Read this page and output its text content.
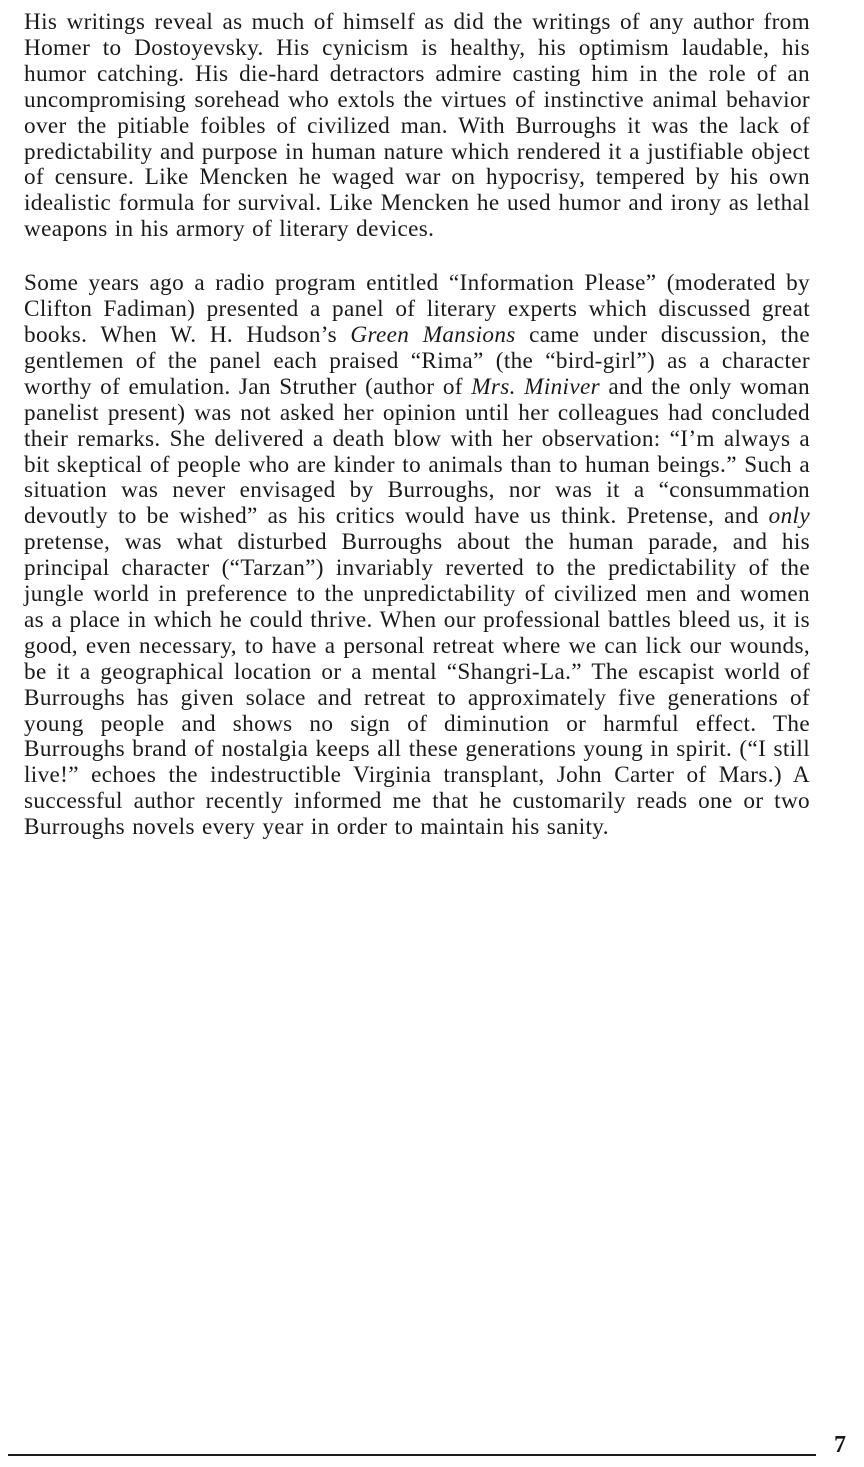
His writings reveal as much of himself as did the writings of any author from Homer to Dostoyevsky. His cynicism is healthy, his optimism laudable, his humor catching. His die-hard detractors admire casting him in the role of an uncompromising sorehead who extols the virtues of instinctive animal behavior over the pitiable foibles of civilized man. With Burroughs it was the lack of predictability and purpose in human nature which rendered it a justifiable object of censure. Like Mencken he waged war on hypocrisy, tempered by his own idealistic formula for survival. Like Mencken he used humor and irony as lethal weapons in his armory of literary devices.

Some years ago a radio program entitled “Information Please” (moderated by Clifton Fadiman) presented a panel of literary experts which discussed great books. When W. H. Hudson’s Green Mansions came under discussion, the gentlemen of the panel each praised “Rima” (the “bird-girl”) as a character worthy of emulation. Jan Struther (author of Mrs. Miniver and the only woman panelist present) was not asked her opinion until her colleagues had concluded their remarks. She delivered a death blow with her observation: “I’m always a bit skeptical of people who are kinder to animals than to human beings.” Such a situation was never envisaged by Burroughs, nor was it a “consummation devoutly to be wished” as his critics would have us think. Pretense, and only pretense, was what disturbed Burroughs about the human parade, and his principal character (“Tarzan”) invariably reverted to the predictability of the jungle world in preference to the unpredictability of civilized men and women as a place in which he could thrive. When our professional battles bleed us, it is good, even necessary, to have a personal retreat where we can lick our wounds, be it a geographical location or a mental “Shangri-La.” The escapist world of Burroughs has given solace and retreat to approximately five generations of young people and shows no sign of diminution or harmful effect. The Burroughs brand of nostalgia keeps all these generations young in spirit. (“I still live!” echoes the indestructible Virginia transplant, John Carter of Mars.) A successful author recently informed me that he customarily reads one or two Burroughs novels every year in order to maintain his sanity.

7
